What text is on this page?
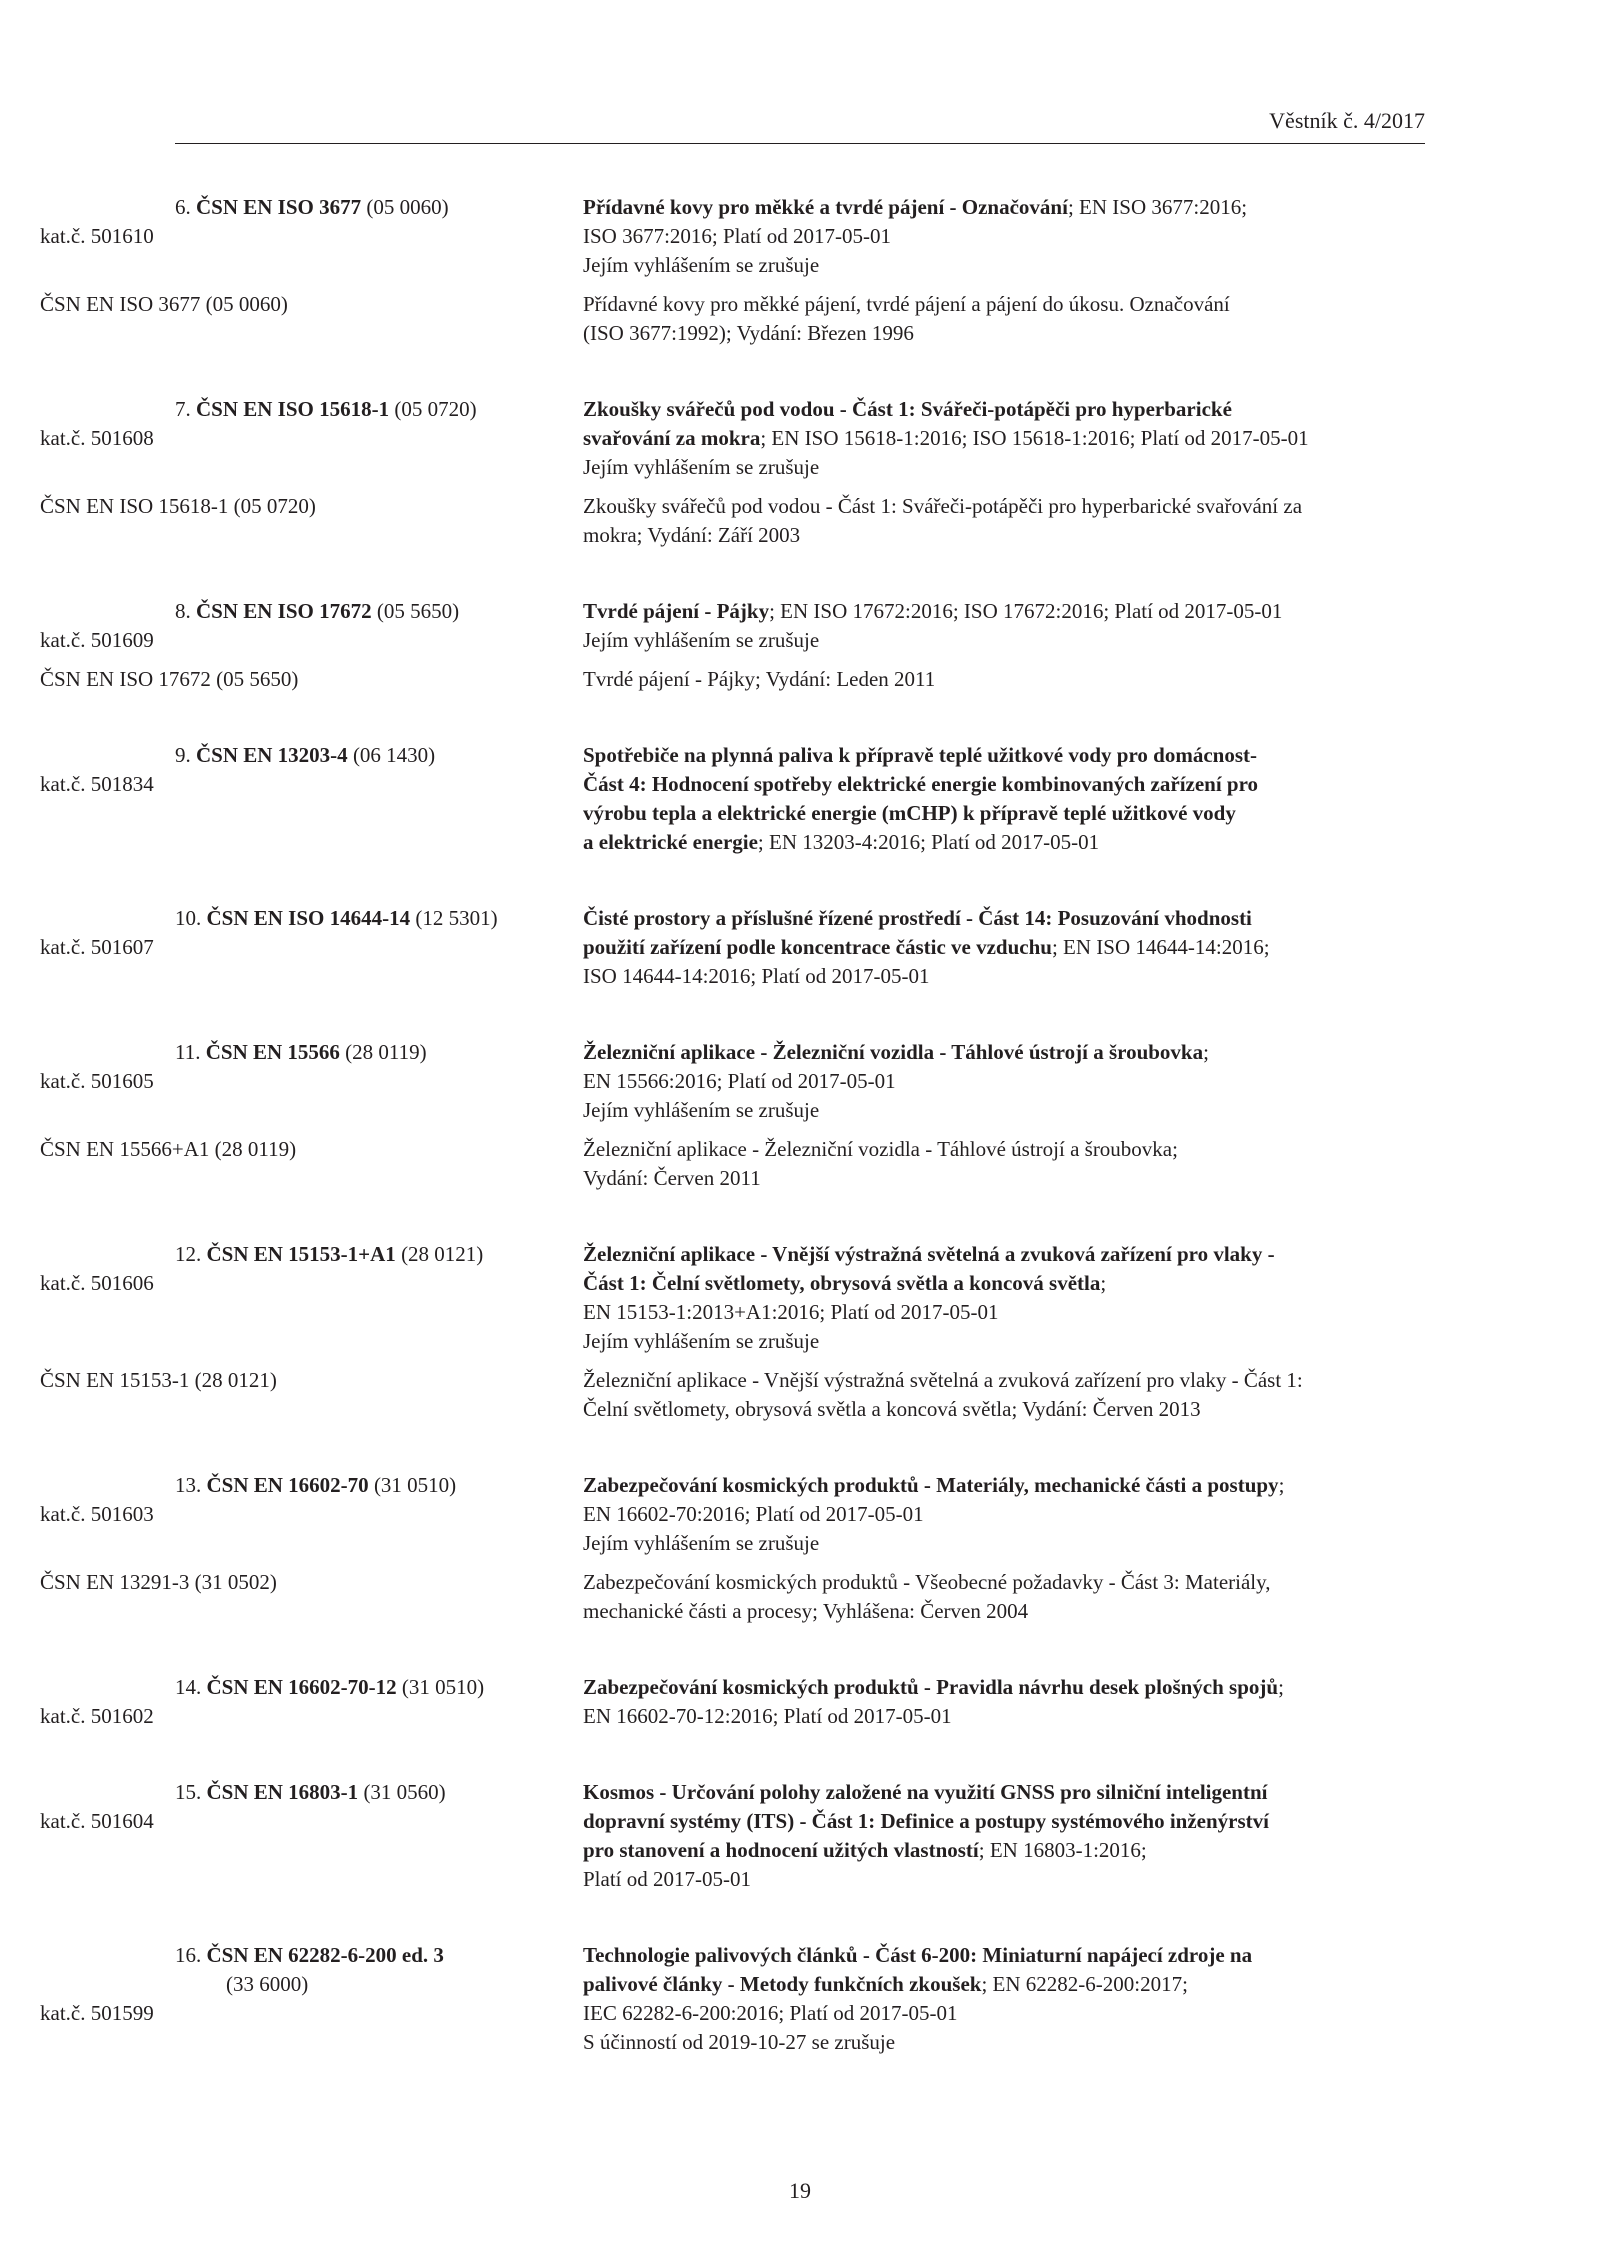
Věstník č. 4/2017
6. ČSN EN ISO 3677 (05 0060)	Přídavné kovy pro měkké a tvrdé pájení - Označování; EN ISO 3677:2016;
kat.č. 501610	ISO 3677:2016; Platí od 2017-05-01
Jejím vyhlášením se zrušuje
ČSN EN ISO 3677 (05 0060)	Přídavné kovy pro měkké pájení, tvrdé pájení a pájení do úkosu. Označování
(ISO 3677:1992); Vydání: Březen 1996
7. ČSN EN ISO 15618-1 (05 0720)	Zkoušky svářečů pod vodou - Část 1: Svářeči-potápěči pro hyperbarické
kat.č. 501608	svařování za mokra; EN ISO 15618-1:2016; ISO 15618-1:2016; Platí od 2017-05-01
Jejím vyhlášením se zrušuje
ČSN EN ISO 15618-1 (05 0720)	Zkoušky svářečů pod vodou - Část 1: Svářeči-potápěči pro hyperbarické svařování za
mokra; Vydání: Září 2003
8. ČSN EN ISO 17672 (05 5650)	Tvrdé pájení - Pájky; EN ISO 17672:2016; ISO 17672:2016; Platí od 2017-05-01
kat.č. 501609	Jejím vyhlášením se zrušuje
ČSN EN ISO 17672 (05 5650)	Tvrdé pájení - Pájky; Vydání: Leden 2011
9. ČSN EN 13203-4 (06 1430)	Spotřebiče na plynná paliva k přípravě teplé užitkové vody pro domácnost-
kat.č. 501834	Část 4: Hodnocení spotřeby elektrické energie kombinovaných zařízení pro
výrobu tepla a elektrické energie (mCHP) k přípravě teplé užitkové vody
a elektrické energie; EN 13203-4:2016; Platí od 2017-05-01
10. ČSN EN ISO 14644-14 (12 5301)	Čisté prostory a příslušné řízené prostředí - Část 14: Posuzování vhodnosti
kat.č. 501607	použití zařízení podle koncentrace částic ve vzduchu; EN ISO 14644-14:2016;
ISO 14644-14:2016; Platí od 2017-05-01
11. ČSN EN 15566 (28 0119)	Železniční aplikace - Železniční vozidla - Táhlové ústrojí a šroubovka;
kat.č. 501605	EN 15566:2016; Platí od 2017-05-01
Jejím vyhlášením se zrušuje
ČSN EN 15566+A1 (28 0119)	Železniční aplikace - Železniční vozidla - Táhlové ústrojí a šroubovka;
Vydání: Červen 2011
12. ČSN EN 15153-1+A1 (28 0121)	Železniční aplikace - Vnější výstražná světelná a zvuková zařízení pro vlaky -
kat.č. 501606	Část 1: Čelní světlomety, obrysová světla a koncová světla;
EN 15153-1:2013+A1:2016; Platí od 2017-05-01
Jejím vyhlášením se zrušuje
ČSN EN 15153-1 (28 0121)	Železniční aplikace - Vnější výstražná světelná a zvuková zařízení pro vlaky - Část 1:
Čelní světlomety, obrysová světla a koncová světla; Vydání: Červen 2013
13. ČSN EN 16602-70 (31 0510)	Zabezpečování kosmických produktů - Materiály, mechanické části a postupy;
kat.č. 501603	EN 16602-70:2016; Platí od 2017-05-01
Jejím vyhlášením se zrušuje
ČSN EN 13291-3 (31 0502)	Zabezpečování kosmických produktů - Všeobecné požadavky - Část 3: Materiály,
mechanické části a procesy; Vyhlášena: Červen 2004
14. ČSN EN 16602-70-12 (31 0510)	Zabezpečování kosmických produktů - Pravidla návrhu desek plošných spojů;
kat.č. 501602	EN 16602-70-12:2016; Platí od 2017-05-01
15. ČSN EN 16803-1 (31 0560)	Kosmos - Určování polohy založené na využití GNSS pro silniční inteligentní
kat.č. 501604	dopravní systémy (ITS) - Část 1: Definice a postupy systémového inženýrství
pro stanovení a hodnocení užitých vlastností; EN 16803-1:2016;
Platí od 2017-05-01
16. ČSN EN 62282-6-200 ed. 3	Technologie palivových článků - Část 6-200: Miniaturní napájecí zdroje na
(33 6000)	palivové články - Metody funkčních zkoušek; EN 62282-6-200:2017;
kat.č. 501599	IEC 62282-6-200:2016; Platí od 2017-05-01
S účinností od 2019-10-27 se zrušuje
19
